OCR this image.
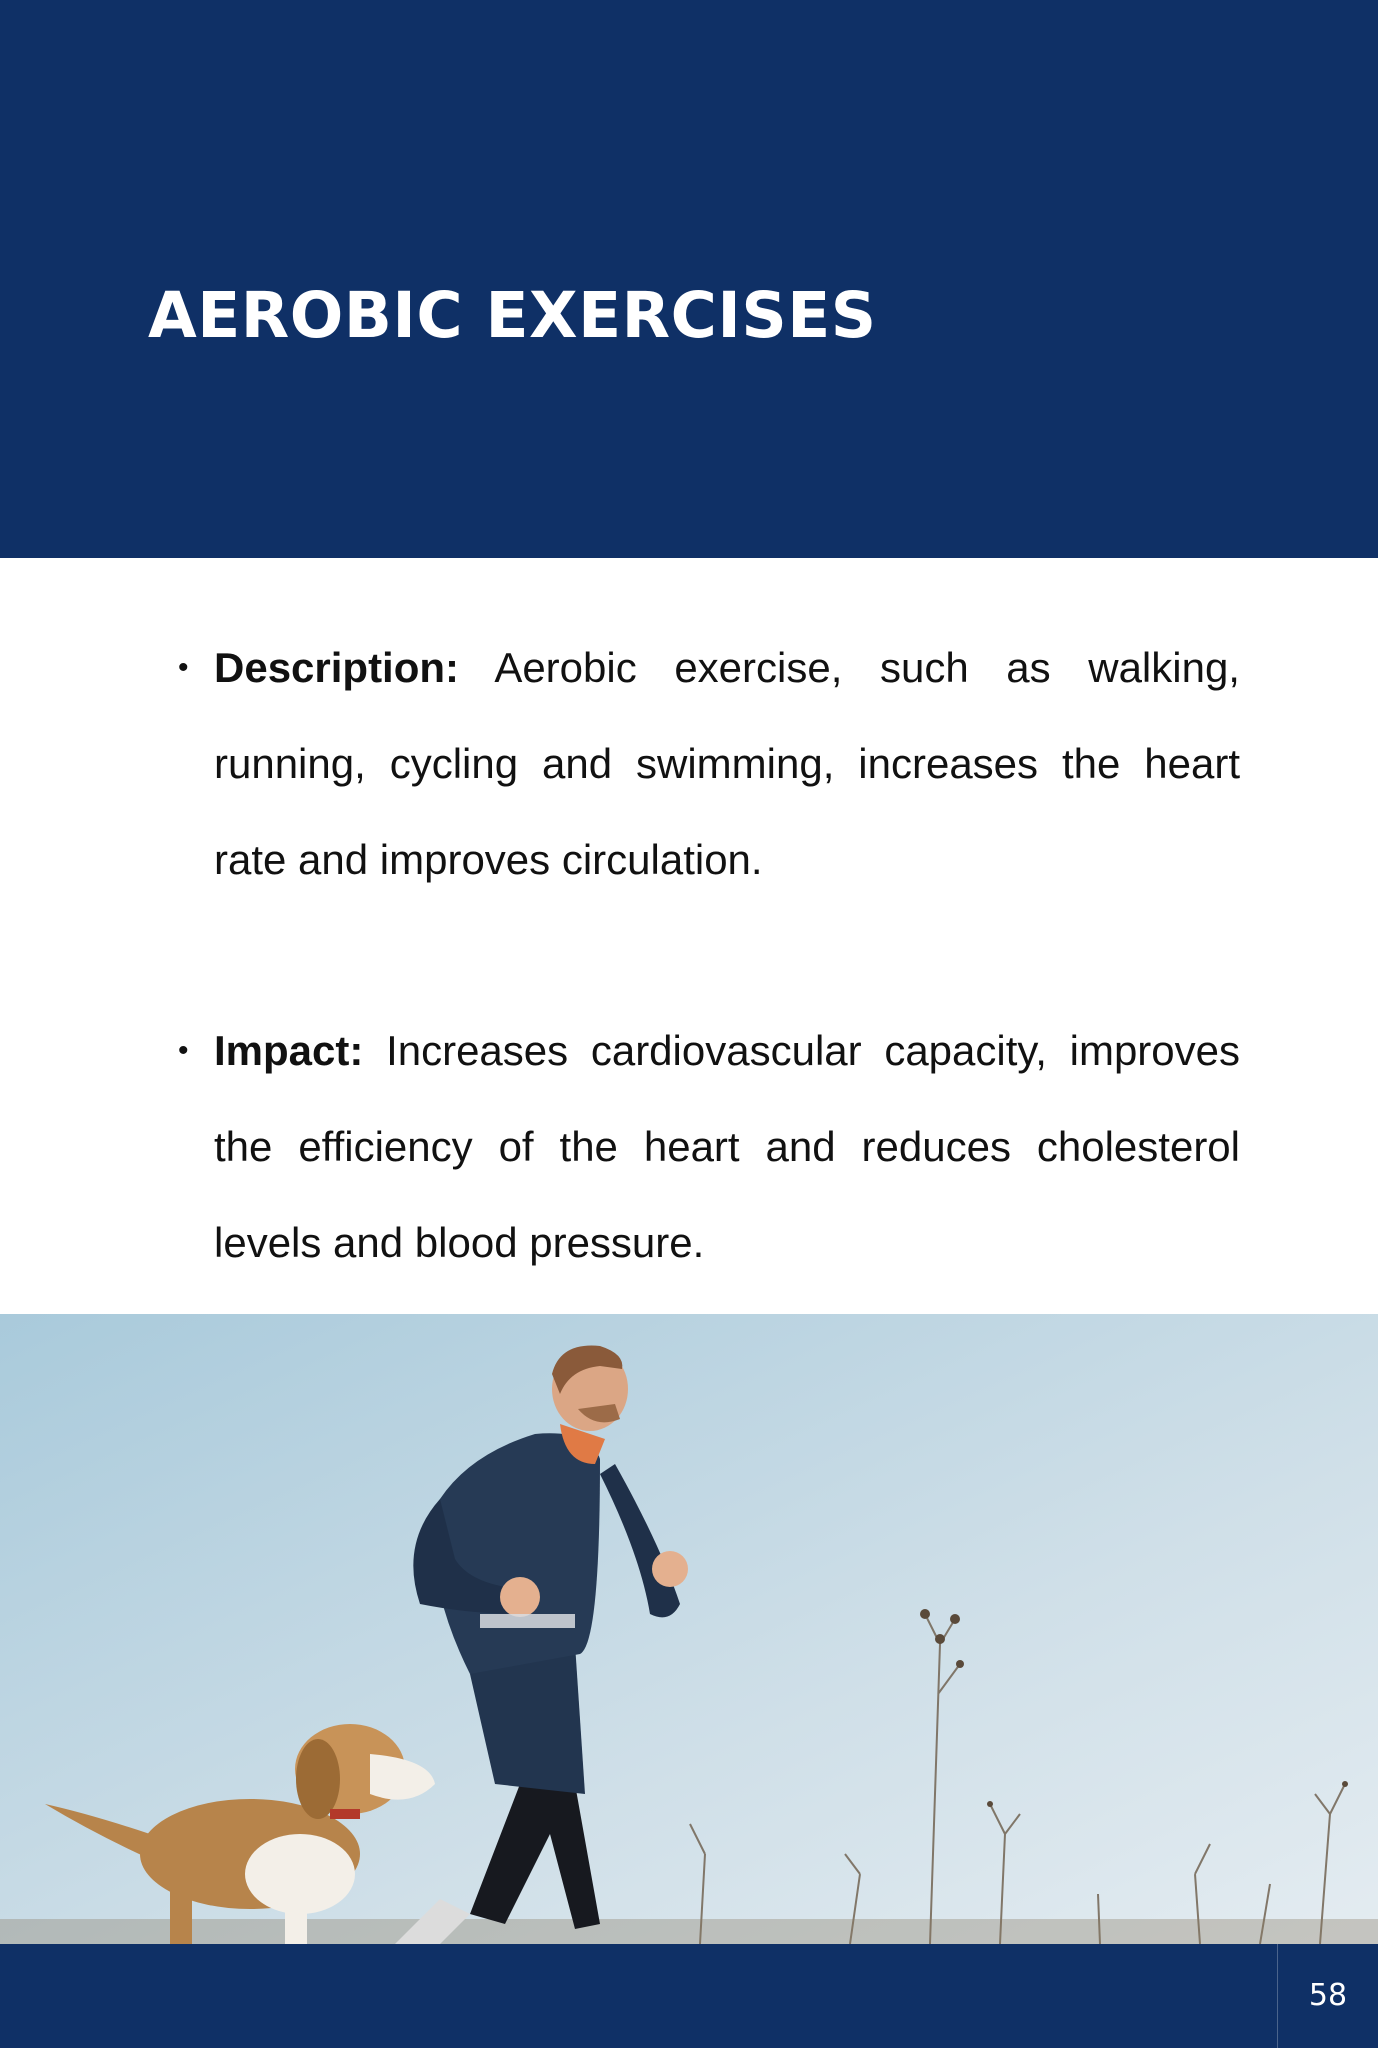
AEROBIC EXERCISES

• Description: Aerobic exercise, such as walking, running, cycling and swimming, increases the heart rate and improves circulation.

• Impact: Increases cardiovascular capacity, improves the efficiency of the heart and reduces cholesterol levels and blood pressure.

58
